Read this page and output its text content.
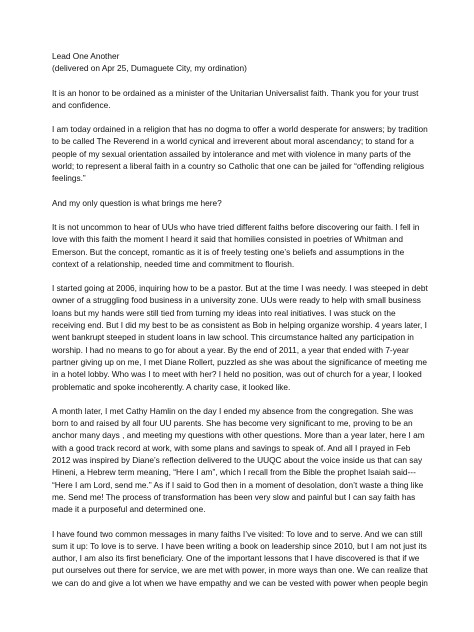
Lead One Another
(delivered on Apr 25, Dumaguete City, my ordination)

It is an honor to be ordained as a minister of the Unitarian Universalist faith. Thank you for your trust and confidence.

I am today ordained in a religion that has no dogma to offer a world desperate for answers; by tradition to be called The Reverend in a world cynical and irreverent about moral ascendancy; to stand for a people of my sexual orientation assailed by intolerance and met with violence in many parts of the world; to represent a liberal faith in a country so Catholic that one can be jailed for “offending religious feelings.”

And my only question is what brings me here?

It is not uncommon to hear of UUs who have tried different faiths before discovering our faith. I fell in love with this faith the moment I heard it said that homilies consisted in poetries of Whitman and Emerson. But the concept, romantic as it is of freely testing one’s beliefs and assumptions in the context of a relationship, needed time and commitment to flourish.

I started going at 2006, inquiring how to be a pastor. But at the time I was needy. I was steeped in debt owner of a struggling food business in a university zone. UUs were ready to help with small business loans but my hands were still tied from turning my ideas into real initiatives. I was stuck on the receiving end. But I did my best to be as consistent as Bob in helping organize worship. 4 years later, I went bankrupt steeped in student loans in law school. This circumstance halted any participation in worship. I had no means to go for about a year. By the end of 2011, a year that ended with 7-year partner giving up on me, I met Diane Rollert, puzzled as she was about the significance of meeting me in a hotel lobby. Who was I to meet with her? I held no position, was out of church for a year, I looked problematic and spoke incoherently. A charity case, it looked like.

A month later, I met Cathy Hamlin on the day I ended my absence from the congregation. She was born to and raised by all four UU parents. She has become very significant to me, proving to be an anchor many days , and meeting my questions with other questions. More than a year later, here I am with a good track record at work, with some plans and savings to speak of. And all I prayed in Feb 2012 was inspired by Diane’s reflection delivered to the UUQC about the voice inside us that can say Hineni, a Hebrew term meaning, “Here I am”, which I recall from the Bible the prophet Isaiah said--- “Here I am Lord, send me.” As if I said to God then in a moment of desolation, don’t waste a thing like me. Send me! The process of transformation has been very slow and painful but I can say faith has made it a purposeful and determined one.

I have found two common messages in many faiths I’ve visited: To love and to serve. And we can still sum it up: To love is to serve. I have been writing a book on leadership since 2010, but I am not just its author, I am also its first beneficiary. One of the important lessons that I have discovered is that if we put ourselves out there for service, we are met with power, in more ways than one. We can realize that we can do and give a lot when we have empathy and we can be vested with power when people begin
